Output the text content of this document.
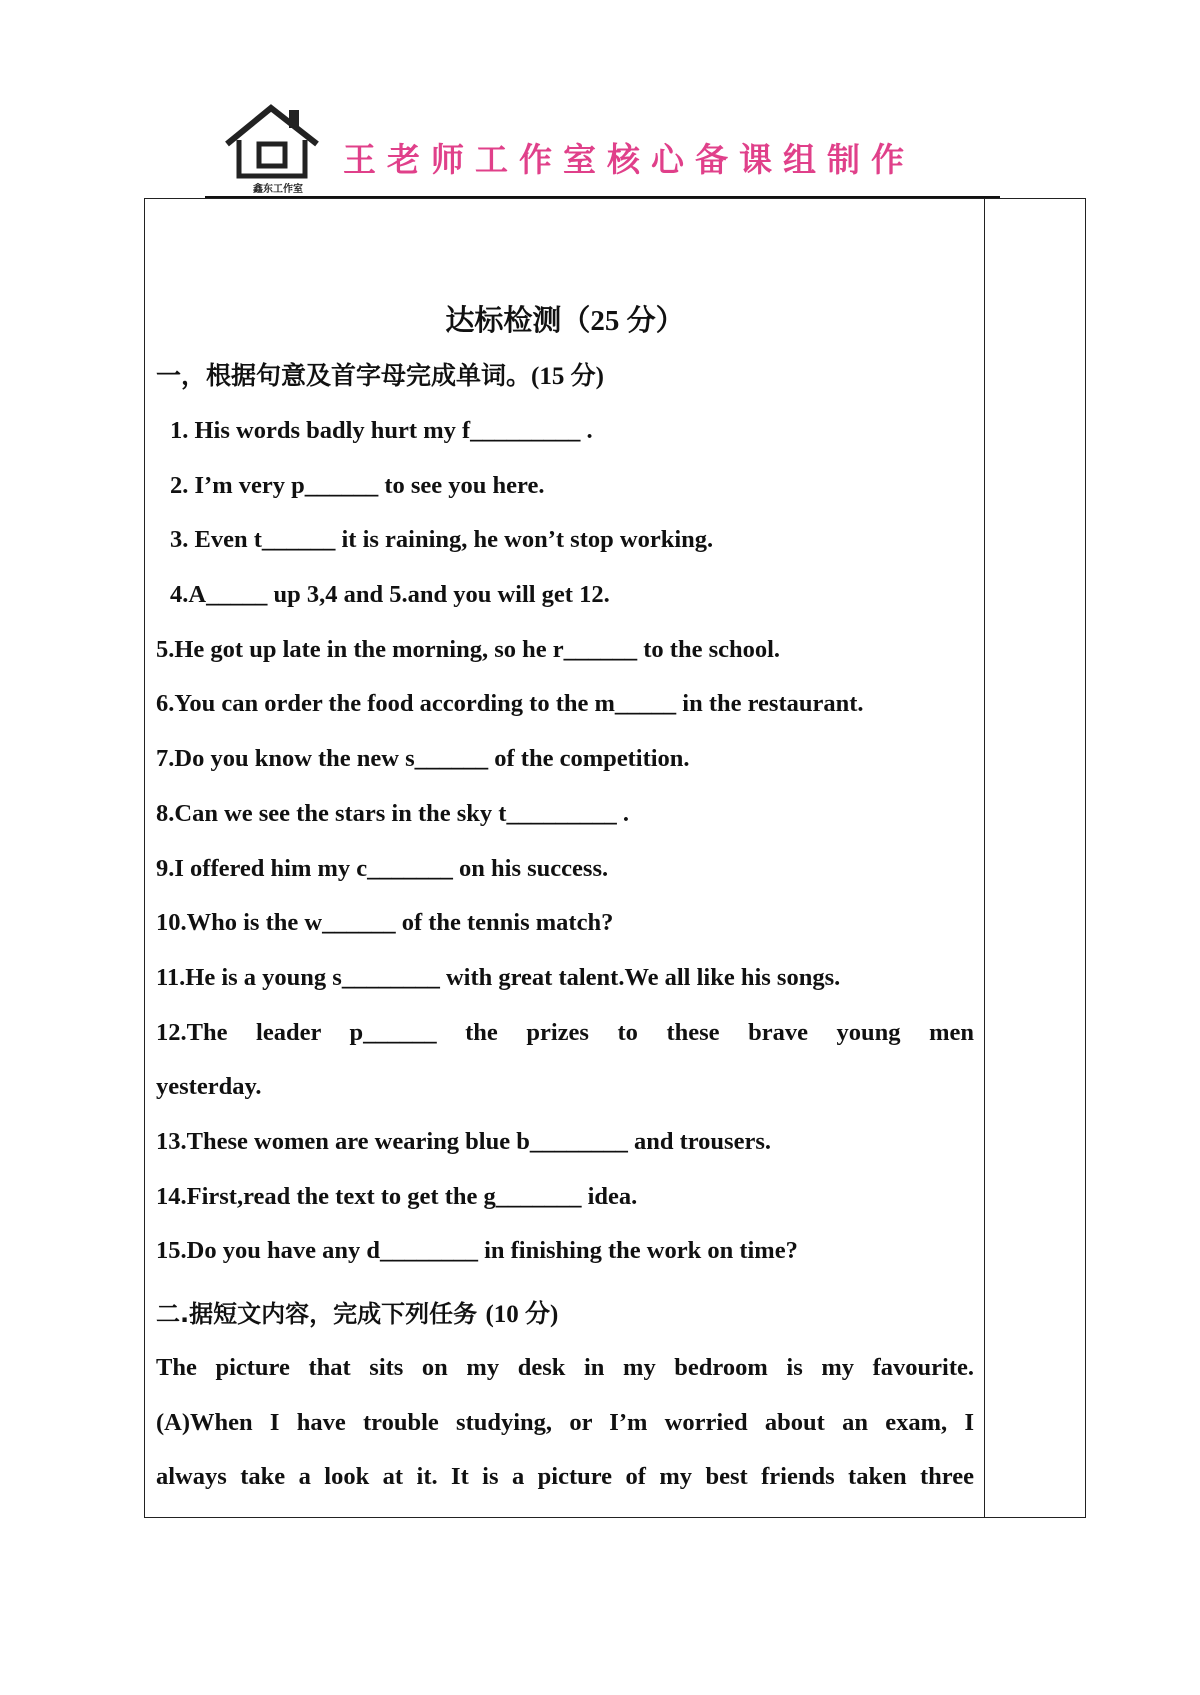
鑫东工作室
王老师工作室核心备课组制作
达标检测（25 分）
一，根据句意及首字母完成单词。(15 分)
1. His words badly hurt my f_________ .
2. I’m very p______ to see you here.
3. Even t______ it is raining, he won’t stop working.
4.A_____ up 3,4 and 5.and you will get 12.
5.He got up late in the morning, so he r______ to the school.
6.You can order the food according to the m_____ in the restaurant.
7.Do you know the new s______ of the competition.
8.Can we see the stars in the sky t_________ .
9.I offered him my c_______ on his success.
10.Who is the w______ of the tennis match?
11.He is a young s________ with great talent.We all like his songs.
12.The leader p______ the prizes to these brave young men
yesterday.
13.These women are wearing blue b________ and trousers.
14.First,read the text to get the g_______ idea.
15.Do you have any d________ in finishing the work on time?
二.据短文内容，完成下列任务 (10 分)
The picture that sits on my desk in my bedroom is my favourite.
(A)When I have trouble studying, or I’m worried about an exam, I
always take a look at it. It is a picture of my best friends taken three
